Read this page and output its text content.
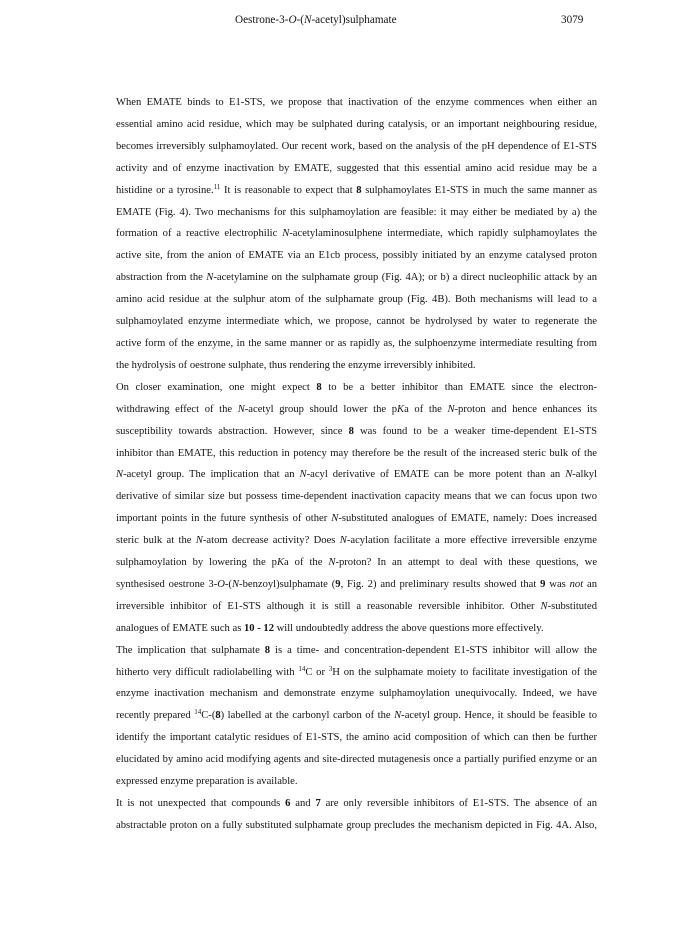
Oestrone-3-O-(N-acetyl)sulphamate	3079

When EMATE binds to E1-STS, we propose that inactivation of the enzyme commences when either an
essential amino acid residue, which may be sulphated during catalysis, or an important neighbouring residue,
becomes irreversibly sulphamoylated. Our recent work, based on the analysis of the pH dependence of E1-STS
activity and of enzyme inactivation by EMATE, suggested that this essential amino acid residue may be a
histidine or a tyrosine.$^{11}$ It is reasonable to expect that 8 sulphamoylates E1-STS in much the same manner as
EMATE (Fig. 4). Two mechanisms for this sulphamoylation are feasible: it may either be mediated by a) the
formation of a reactive electrophilic N-acetylaminosulphene intermediate, which rapidly sulphamoylates the
active site, from the anion of EMATE via an E1cb process, possibly initiated by an enzyme catalysed proton
abstraction from the N-acetylamine on the sulphamate group (Fig. 4A); or b) a direct nucleophilic attack by an
amino acid residue at the sulphur atom of the sulphamate group (Fig. 4B). Both mechanisms will lead to a
sulphamoylated enzyme intermediate which, we propose, cannot be hydrolysed by water to regenerate the
active form of the enzyme, in the same manner or as rapidly as, the sulphoenzyme intermediate resulting from
the hydrolysis of oestrone sulphate, thus rendering the enzyme irreversibly inhibited.

On closer examination, one might expect 8 to be a better inhibitor than EMATE since the electron-
withdrawing effect of the N-acetyl group should lower the pKa of the N-proton and hence enhances its
susceptibility towards abstraction. However, since 8 was found to be a weaker time-dependent E1-STS
inhibitor than EMATE, this reduction in potency may therefore be the result of the increased steric bulk of the
N-acetyl group. The implication that an N-acyl derivative of EMATE can be more potent than an N-alkyl
derivative of similar size but possess time-dependent inactivation capacity means that we can focus upon two
important points in the future synthesis of other N-substituted analogues of EMATE, namely: Does increased
steric bulk at the N-atom decrease activity? Does N-acylation facilitate a more effective irreversible enzyme
sulphamoylation by lowering the pKa of the N-proton? In an attempt to deal with these questions, we
synthesised oestrone 3-O-(N-benzoyl)sulphamate (9, Fig. 2) and preliminary results showed that 9 was not an
irreversible inhibitor of E1-STS although it is still a reasonable reversible inhibitor. Other N-substituted
analogues of EMATE such as 10 - 12 will undoubtedly address the above questions more effectively.

The implication that sulphamate 8 is a time- and concentration-dependent E1-STS inhibitor will allow the
hitherto very difficult radiolabelling with $^{14}$C or $^3$H on the sulphamate moiety to facilitate investigation of the
enzyme inactivation mechanism and demonstrate enzyme sulphamoylation unequivocally. Indeed, we have
recently prepared $^{14}$C-(8) labelled at the carbonyl carbon of the N-acetyl group. Hence, it should be feasible to
identify the important catalytic residues of E1-STS, the amino acid composition of which can then be further
elucidated by amino acid modifying agents and site-directed mutagenesis once a partially purified enzyme or an
expressed enzyme preparation is available.

It is not unexpected that compounds 6 and 7 are only reversible inhibitors of E1-STS. The absence of an
abstractable proton on a fully substituted sulphamate group precludes the mechanism depicted in Fig. 4A. Also,
